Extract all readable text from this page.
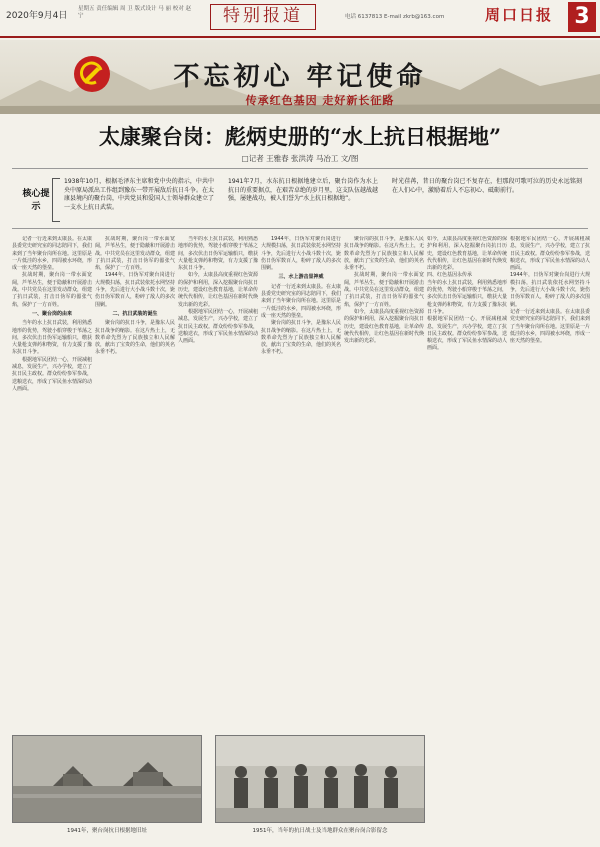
2020年9月4日
星期五 责任编辑 周 卫 版式设计 马 丽 校对 赵 宁	特别报道	电话 6137813 E-mail zkrb@163.com	周口日报 3
不忘初心 牢记使命
传承红色基因 走好新长征路
太康聚台岗：彪炳史册的“水上抗日根据地”
□记者 王雅春 张洪涛 马冶工 文/图
核心提示
1938年10月，根据毛泽东主席和党中央的指示，中共中央中原局派出工作组到豫东一带开展敌后抗日斗争。在太康县境内的聚台岗，中共党员和爱国人士领导群众建立了一支水上抗日武装。
1941年7月，水东抗日根据地建立后，聚台岗作为水上抗日的重要据点，在艰苦卓绝的岁月里，这支队伍越战越强，屡建战功，被人们誉为“水上抗日根据地”。
时光荏苒，昔日的聚台岗已不复存在，但那段可歌可泣的历史永远铭刻在人们心中，激励着后人不忘初心、砥砺前行。

记者一行近来到太康县。在太康县委党史研究室的同志陪同下，我们来到了当年聚台岗所在地。这里原是一片低洼的水乡，四周被水环绕，形成一座天然的堡垒。

抗战时期，聚台岗一带水面宽阔，芦苇丛生，便于隐蔽和开展游击战。中共党员在这里发动群众，组建了抗日武装，打击日伪军的嚣张气焰，保护了一方百姓。

一、聚台岗的由来

当年的水上抗日武装，利用熟悉地形的优势，驾驶小船穿梭于苇荡之间，多次伏击日伪军运输船只，缴获大量枪支弹药和物资，有力支援了豫东抗日斗争。

根据地军民团结一心，开展减租减息，发展生产，兴办学校，建立了抗日民主政权。群众纷纷参军参战，送粮送衣，形成了军民鱼水情深的动人画面。

抗战时期，聚台岗一带水面宽阔，芦苇丛生，便于隐蔽和开展游击战。中共党员在这里发动群众，组建了抗日武装，打击日伪军的嚣张气焰，保护了一方百姓。

1944年，日伪军对聚台岗进行大规模扫荡，抗日武装依托水网坚持斗争，先后进行大小战斗数十次，毙伤日伪军数百人，粉碎了敌人的多次围剿。

二、抗日武装的诞生

聚台岗的抗日斗争，是豫东人民抗日战争的缩影。在这片热土上，无数革命先烈为了民族独立和人民解放，献出了宝贵的生命，他们的英名永垂不朽。

当年的水上抗日武装，利用熟悉地形的优势，驾驶小船穿梭于苇荡之间，多次伏击日伪军运输船只，缴获大量枪支弹药和物资，有力支援了豫东抗日斗争。

如今，太康县高度重视红色资源的保护和利用，深入挖掘聚台岗抗日历史，建设红色教育基地，让革命传统代代相传，让红色基因在新时代焕发出新的光彩。

根据地军民团结一心，开展减租减息，发展生产，兴办学校，建立了抗日民主政权。群众纷纷参军参战，送粮送衣，形成了军民鱼水情深的动人画面。

1944年，日伪军对聚台岗进行大规模扫荡，抗日武装依托水网坚持斗争，先后进行大小战斗数十次，毙伤日伪军数百人，粉碎了敌人的多次围剿。

三、水上游击显神威

记者一行近来到太康县。在太康县委党史研究室的同志陪同下，我们来到了当年聚台岗所在地。这里原是一片低洼的水乡，四周被水环绕，形成一座天然的堡垒。

聚台岗的抗日斗争，是豫东人民抗日战争的缩影。在这片热土上，无数革命先烈为了民族独立和人民解放，献出了宝贵的生命，他们的英名永垂不朽。

聚台岗的抗日斗争，是豫东人民抗日战争的缩影。在这片热土上，无数革命先烈为了民族独立和人民解放，献出了宝贵的生命，他们的英名永垂不朽。

抗战时期，聚台岗一带水面宽阔，芦苇丛生，便于隐蔽和开展游击战。中共党员在这里发动群众，组建了抗日武装，打击日伪军的嚣张气焰，保护了一方百姓。

如今，太康县高度重视红色资源的保护和利用，深入挖掘聚台岗抗日历史，建设红色教育基地，让革命传统代代相传，让红色基因在新时代焕发出新的光彩。

如今，太康县高度重视红色资源的保护和利用，深入挖掘聚台岗抗日历史，建设红色教育基地，让革命传统代代相传，让红色基因在新时代焕发出新的光彩。

四、红色基因永传承

当年的水上抗日武装，利用熟悉地形的优势，驾驶小船穿梭于苇荡之间，多次伏击日伪军运输船只，缴获大量枪支弹药和物资，有力支援了豫东抗日斗争。

根据地军民团结一心，开展减租减息，发展生产，兴办学校，建立了抗日民主政权。群众纷纷参军参战，送粮送衣，形成了军民鱼水情深的动人画面。

根据地军民团结一心，开展减租减息，发展生产，兴办学校，建立了抗日民主政权。群众纷纷参军参战，送粮送衣，形成了军民鱼水情深的动人画面。

1944年，日伪军对聚台岗进行大规模扫荡，抗日武装依托水网坚持斗争，先后进行大小战斗数十次，毙伤日伪军数百人，粉碎了敌人的多次围剿。

记者一行近来到太康县。在太康县委党史研究室的同志陪同下，我们来到了当年聚台岗所在地。这里原是一片低洼的水乡，四周被水环绕，形成一座天然的堡垒。

1941年，聚台岗抗日根据地旧址	1951年，当年的抗日战士及当地群众在聚台岗合影留念
